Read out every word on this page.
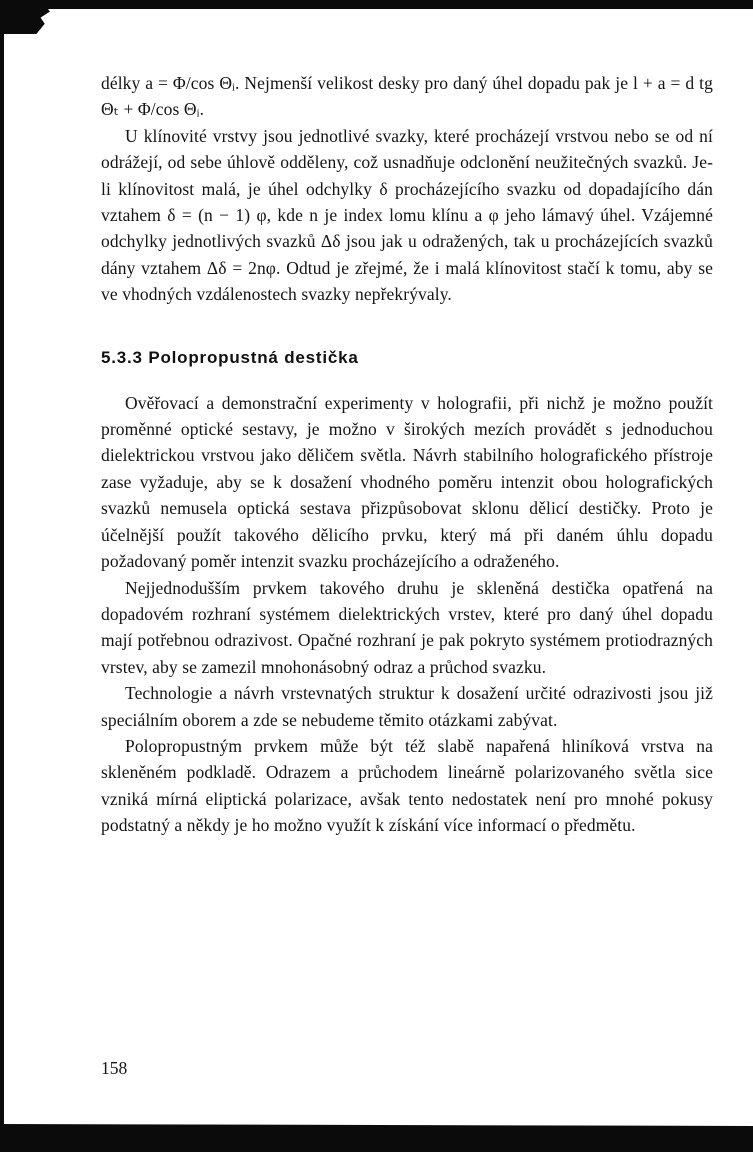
délky a = Φ/cos Θᵢ. Nejmenší velikost desky pro daný úhel dopadu pak je l + a = d tg Θₜ + Φ/cos Θᵢ.

U klínovité vrstvy jsou jednotlivé svazky, které procházejí vrstvou nebo se od ní odrážejí, od sebe úhlově odděleny, což usnadňuje odclonění neužitečných svazků. Je-li klínovitost malá, je úhel odchylky δ procházejícího svazku od dopadajícího dán vztahem δ = (n − 1) φ, kde n je index lomu klínu a φ jeho lámavý úhel. Vzájemné odchylky jednotlivých svazků Δδ jsou jak u odražených, tak u procházejících svazků dány vztahem Δδ = 2nφ. Odtud je zřejmé, že i malá klínovitost stačí k tomu, aby se ve vhodných vzdálenostech svazky nepřekrývaly.

5.3.3 Polopropustná destička

Ověřovací a demonstrační experimenty v holografii, při nichž je možno použít proměnné optické sestavy, je možno v širokých mezích provádět s jednoduchou dielektrickou vrstvou jako děličem světla. Návrh stabilního holografického přístroje zase vyžaduje, aby se k dosažení vhodného poměru intenzit obou holografických svazků nemusela optická sestava přizpůsobovat sklonu dělicí destičky. Proto je účelnější použít takového dělicího prvku, který má při daném úhlu dopadu požadovaný poměr intenzit svazku procházejícího a odraženého.

Nejjednodušším prvkem takového druhu je skleněná destička opatřená na dopadovém rozhraní systémem dielektrických vrstev, které pro daný úhel dopadu mají potřebnou odrazivost. Opačné rozhraní je pak pokryto systémem protiodrazných vrstev, aby se zamezil mnohonásobný odraz a průchod svazku.

Technologie a návrh vrstevnatých struktur k dosažení určité odrazivosti jsou již speciálním oborem a zde se nebudeme těmito otázkami zabývat.

Polopropustným prvkem může být též slabě napařená hliníková vrstva na skleněném podkladě. Odrazem a průchodem lineárně polarizovaného světla sice vzniká mírná eliptická polarizace, avšak tento nedostatek není pro mnohé pokusy podstatný a někdy je ho možno využít k získání více informací o předmětu.

158
